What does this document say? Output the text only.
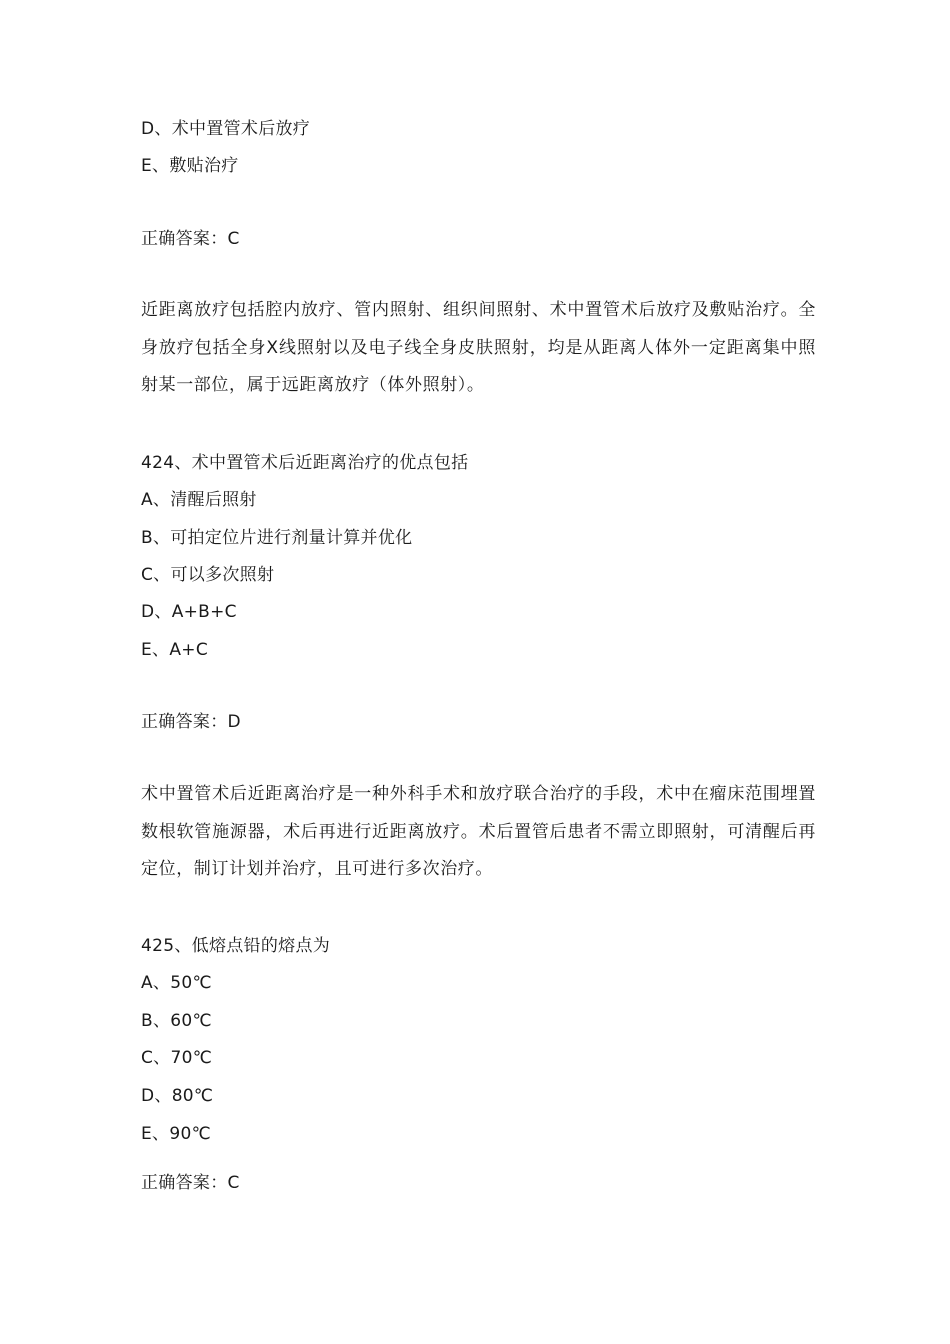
D、术中置管术后放疗
E、敷贴治疗
正确答案：C
近距离放疗包括腔内放疗、管内照射、组织间照射、术中置管术后放疗及敷贴治疗。全身放疗包括全身X线照射以及电子线全身皮肤照射，均是从距离人体外一定距离集中照射某一部位，属于远距离放疗（体外照射）。
424、术中置管术后近距离治疗的优点包括
A、清醒后照射
B、可拍定位片进行剂量计算并优化
C、可以多次照射
D、A+B+C
E、A+C
正确答案：D
术中置管术后近距离治疗是一种外科手术和放疗联合治疗的手段，术中在瘤床范围埋置数根软管施源器，术后再进行近距离放疗。术后置管后患者不需立即照射，可清醒后再定位，制订计划并治疗，且可进行多次治疗。
425、低熔点铅的熔点为
A、50℃
B、60℃
C、70℃
D、80℃
E、90℃
正确答案：C
